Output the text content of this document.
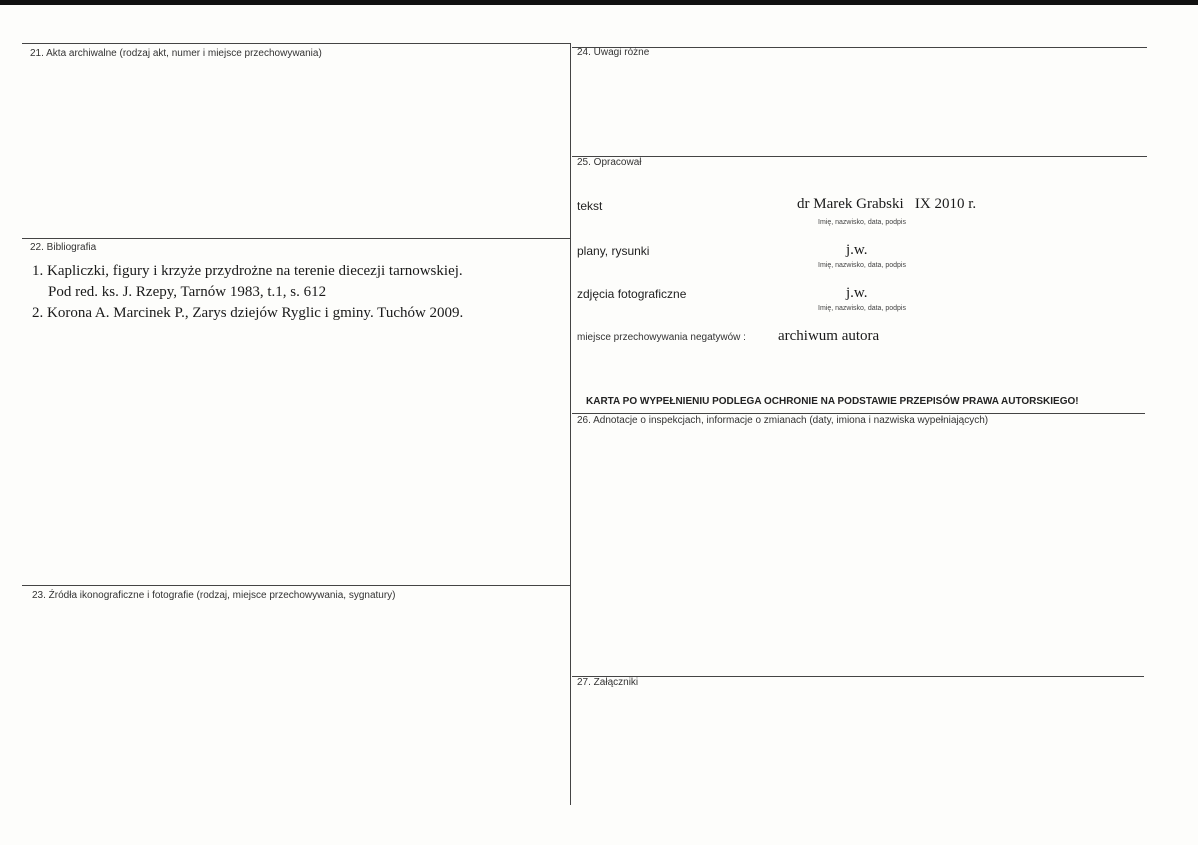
21. Akta archiwalne (rodzaj akt, numer i miejsce przechowywania)
22. Bibliografia
1. Kapliczki, figury i krzyże przydrożne na terenie diecezji tarnowskiej.
Pod red. ks. J. Rzepy, Tarnów 1983, t.1, s. 612
2. Korona A. Marcinek P., Zarys dziejów Ryglic i gminy. Tuchów 2009.
23. Źródła ikonograficzne i fotografie (rodzaj, miejsce przechowywania, sygnatury)
24. Uwagi różne
25. Opracował
tekst	dr Marek Grabski   IX 2010 r.
Imię, nazwisko, data, podpis
plany, rysunki	j.w.
Imię, nazwisko, data, podpis
zdjęcia fotograficzne	j.w.
Imię, nazwisko, data, podpis
miejsce przechowywania negatywów : archiwum autora
KARTA PO WYPEŁNIENIU PODLEGA OCHRONIE NA PODSTAWIE PRZEPISÓW PRAWA AUTORSKIEGO!
26. Adnotacje o inspekcjach, informacje o zmianach (daty, imiona i nazwiska wypełniających)
27. Załączniki
